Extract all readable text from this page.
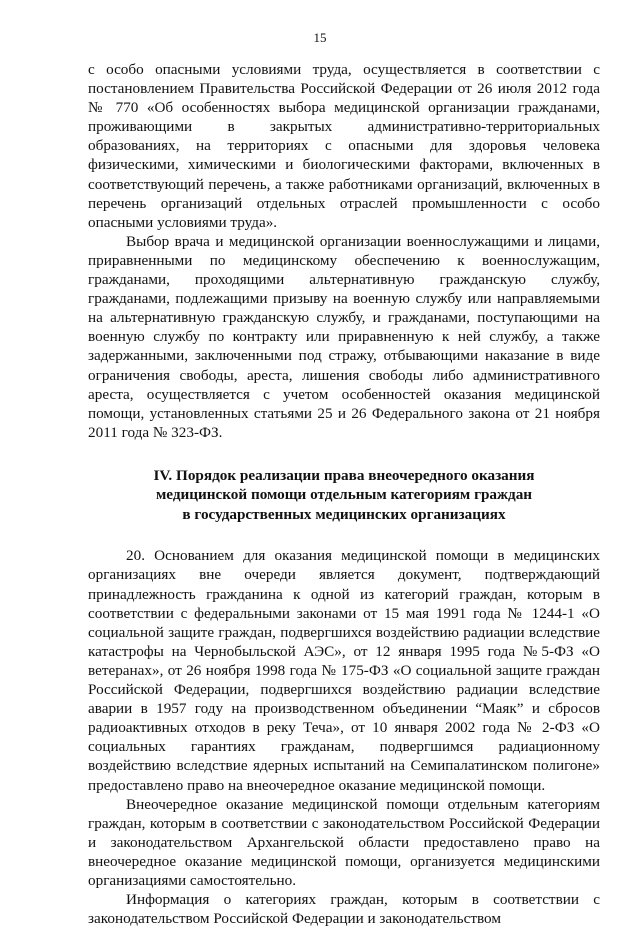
15

с особо опасными условиями труда, осуществляется в соответствии с постановлением Правительства Российской Федерации от 26 июля 2012 года № 770 «Об особенностях выбора медицинской организации гражданами, проживающими в закрытых административно-территориальных образованиях, на территориях с опасными для здоровья человека физическими, химическими и биологическими факторами, включенных в соответствующий перечень, а также работниками организаций, включенных в перечень организаций отдельных отраслей промышленности с особо опасными условиями труда».

Выбор врача и медицинской организации военнослужащими и лицами, приравненными по медицинскому обеспечению к военнослужащим, гражданами, проходящими альтернативную гражданскую службу, гражданами, подлежащими призыву на военную службу или направляемыми на альтернативную гражданскую службу, и гражданами, поступающими на военную службу по контракту или приравненную к ней службу, а также задержанными, заключенными под стражу, отбывающими наказание в виде ограничения свободы, ареста, лишения свободы либо административного ареста, осуществляется с учетом особенностей оказания медицинской помощи, установленных статьями 25 и 26 Федерального закона от 21 ноября 2011 года № 323-ФЗ.

IV. Порядок реализации права внеочередного оказания
медицинской помощи отдельным категориям граждан
в государственных медицинских организациях

20. Основанием для оказания медицинской помощи в медицинских организациях вне очереди является документ, подтверждающий принадлежность гражданина к одной из категорий граждан, которым в соответствии с федеральными законами от 15 мая 1991 года № 1244-1 «О социальной защите граждан, подвергшихся воздействию радиации вследствие катастрофы на Чернобыльской АЭС», от 12 января 1995 года №5-ФЗ «О ветеранах», от 26 ноября 1998 года № 175-ФЗ «О социальной защите граждан Российской Федерации, подвергшихся воздействию радиации вследствие аварии в 1957 году на производственном объединении “Маяк” и сбросов радиоактивных отходов в реку Теча», от 10 января 2002 года № 2-ФЗ «О социальных гарантиях гражданам, подвергшимся радиационному воздействию вследствие ядерных испытаний на Семипалатинском полигоне» предоставлено право на внеочередное оказание медицинской помощи.

Внеочередное оказание медицинской помощи отдельным категориям граждан, которым в соответствии с законодательством Российской Федерации и законодательством Архангельской области предоставлено право на внеочередное оказание медицинской помощи, организуется медицинскими организациями самостоятельно.

Информация о категориях граждан, которым в соответствии с законодательством Российской Федерации и законодательством
